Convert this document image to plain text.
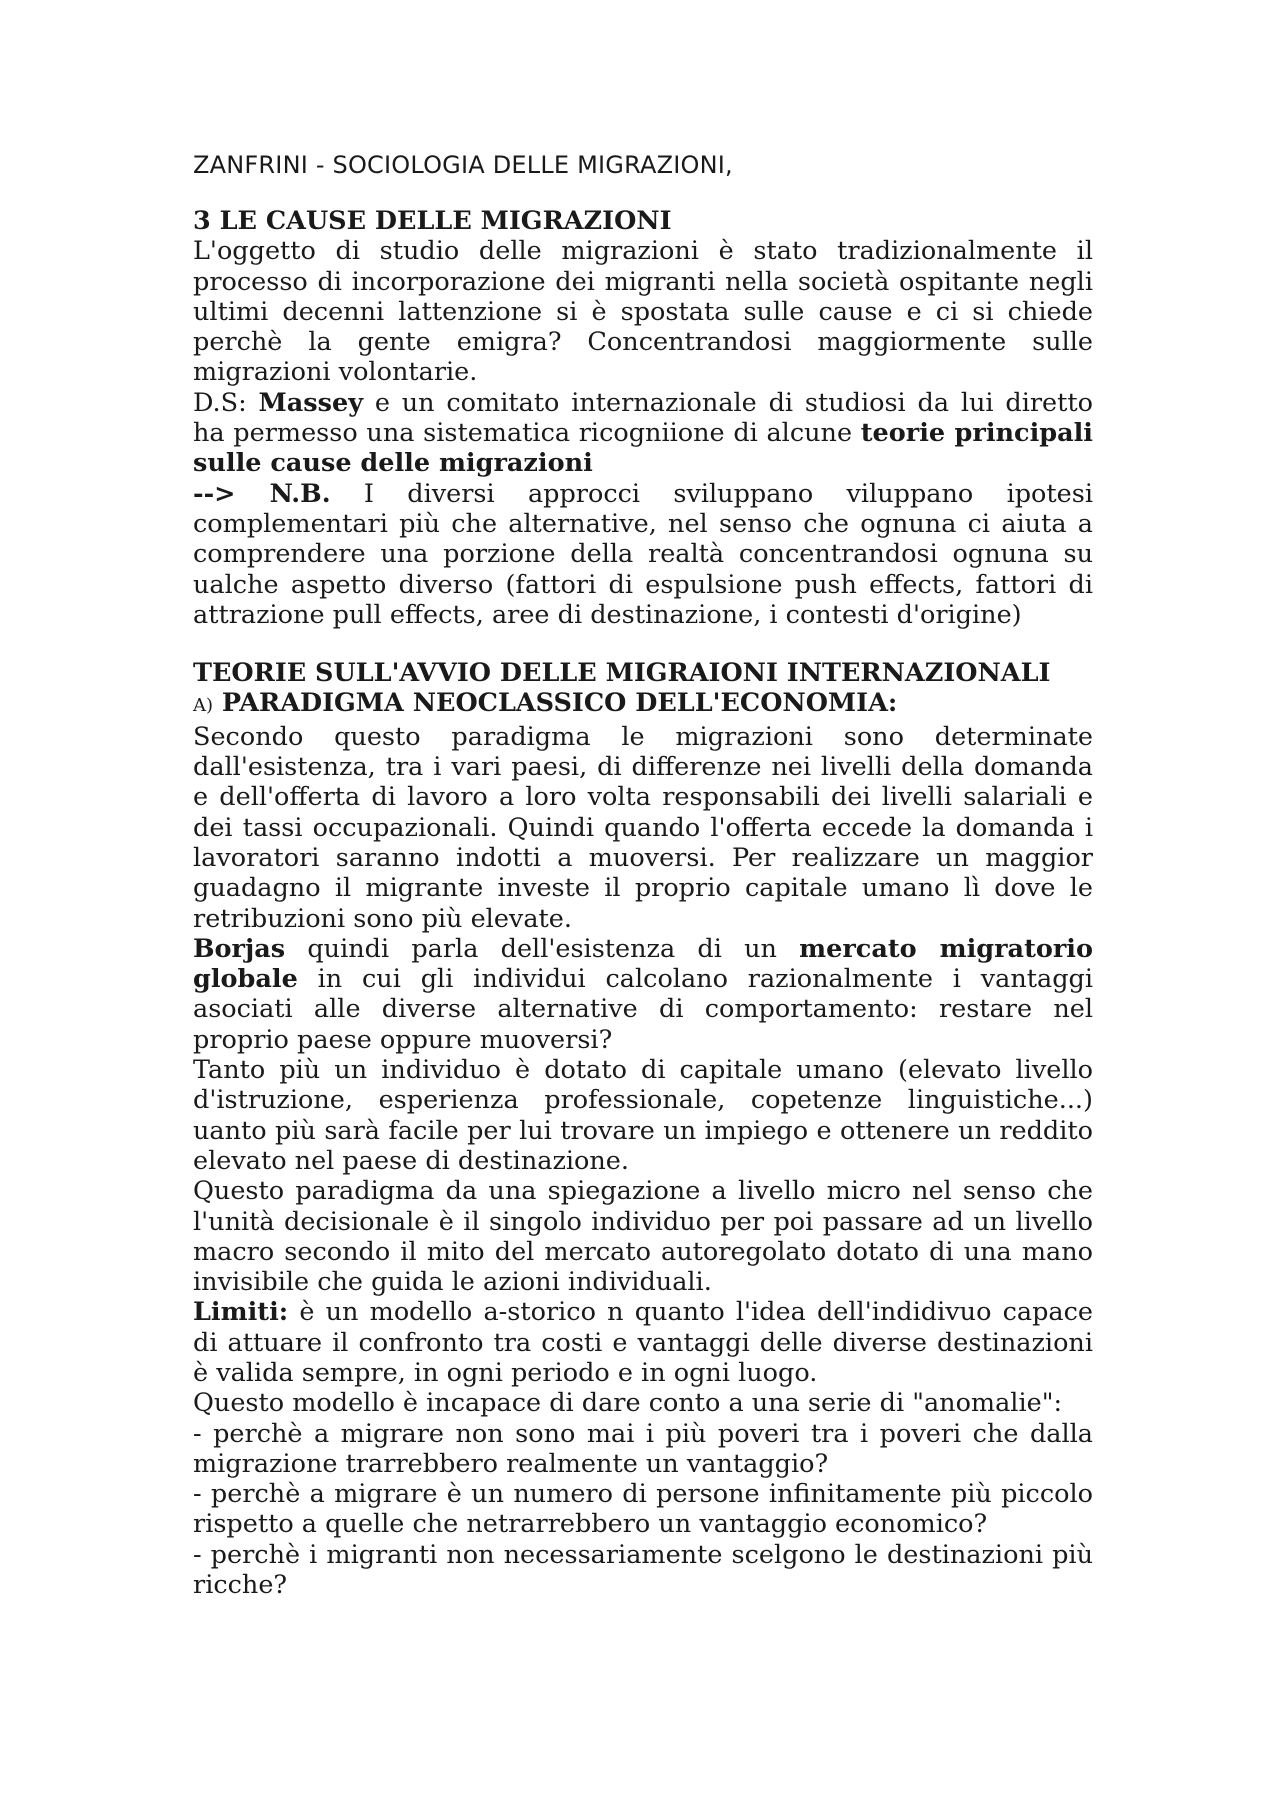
ZANFRINI - SOCIOLOGIA DELLE MIGRAZIONI,
3 LE CAUSE DELLE MIGRAZIONI

L'oggetto di studio delle migrazioni è stato tradizionalmente il processo di incorporazione dei migranti nella società ospitante negli ultimi decenni lattenzione si è spostata sulle cause e ci si chiede perchè la gente emigra? Concentrandosi maggiormente sulle migrazioni volontarie.

D.S: Massey e un comitato internazionale di studiosi da lui diretto ha permesso una sistematica ricogniione di alcune teorie principali sulle cause delle migrazioni

--> N.B. I diversi approcci sviluppano viluppano ipotesi complementari più che alternative, nel senso che ognuna ci aiuta a comprendere una porzione della realtà concentrandosi ognuna su ualche aspetto diverso (fattori di espulsione push effects, fattori di attrazione pull effects, aree di destinazione, i contesti d'origine)

TEORIE SULL'AVVIO DELLE MIGRAIONI INTERNAZIONALI
A) PARADIGMA NEOCLASSICO DELL'ECONOMIA:

Secondo questo paradigma le migrazioni sono determinate dall'esistenza, tra i vari paesi, di differenze nei livelli della domanda e dell'offerta di lavoro a loro volta responsabili dei livelli salariali e dei tassi occupazionali. Quindi quando l'offerta eccede la domanda i lavoratori saranno indotti a muoversi. Per realizzare un maggior guadagno il migrante investe il proprio capitale umano lì dove le retribuzioni sono più elevate.

Borjas quindi parla dell'esistenza di un mercato migratorio globale in cui gli individui calcolano razionalmente i vantaggi asociati alle diverse alternative di comportamento: restare nel proprio paese oppure muoversi?

Tanto più un individuo è dotato di capitale umano (elevato livello d'istruzione, esperienza professionale, copetenze linguistiche...) uanto più sarà facile per lui trovare un impiego e ottenere un reddito elevato nel paese di destinazione.

Questo paradigma da una spiegazione a livello micro nel senso che l'unità decisionale è il singolo individuo per poi passare ad un livello macro secondo il mito del mercato autoregolato dotato di una mano invisibile che guida le azioni individuali.

Limiti: è un modello a-storico n quanto l'idea dell'indidivuo capace di attuare il confronto tra costi e vantaggi delle diverse destinazioni è valida sempre, in ogni periodo e in ogni luogo.

Questo modello è incapace di dare conto a una serie di "anomalie":

- perchè a migrare non sono mai i più poveri tra i poveri che dalla migrazione trarrebbero realmente un vantaggio?

- perchè a migrare è un numero di persone infinitamente più piccolo rispetto a quelle che netrarrebbero un vantaggio economico?

- perchè i migranti non necessariamente scelgono le destinazioni più ricche?
